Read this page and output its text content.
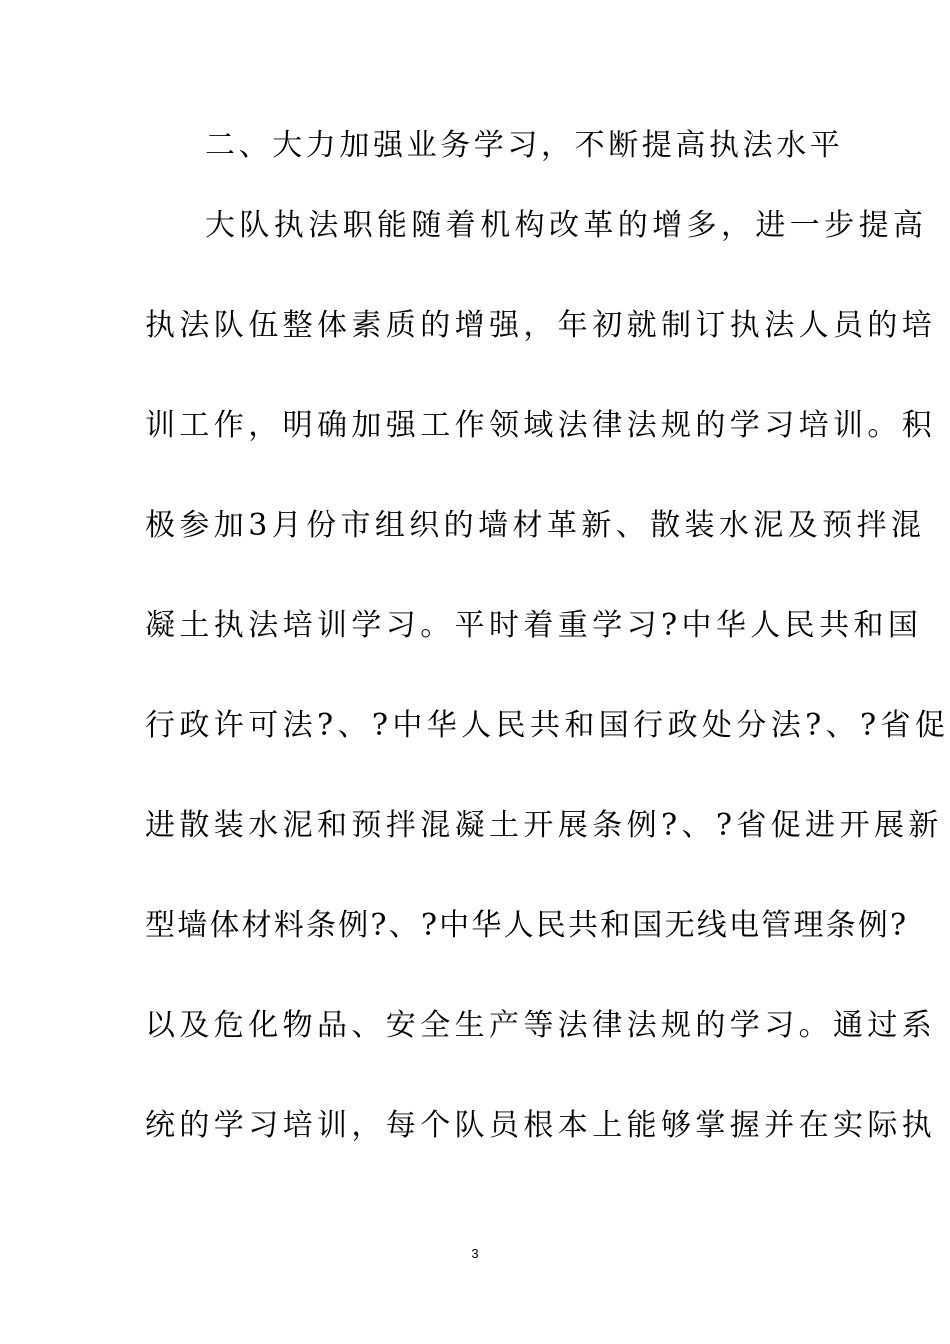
二、大力加强业务学习，不断提高执法水平
大队执法职能随着机构改革的增多，进一步提高
执法队伍整体素质的增强，年初就制订执法人员的培
训工作，明确加强工作领域法律法规的学习培训。积
极参加3月份市组织的墙材革新、散装水泥及预拌混
凝土执法培训学习。平时着重学习?中华人民共和国
行政许可法?、?中华人民共和国行政处分法?、?省促
进散装水泥和预拌混凝土开展条例?、?省促进开展新
型墙体材料条例?、?中华人民共和国无线电管理条例?
以及危化物品、安全生产等法律法规的学习。通过系
统的学习培训，每个队员根本上能够掌握并在实际执
3
